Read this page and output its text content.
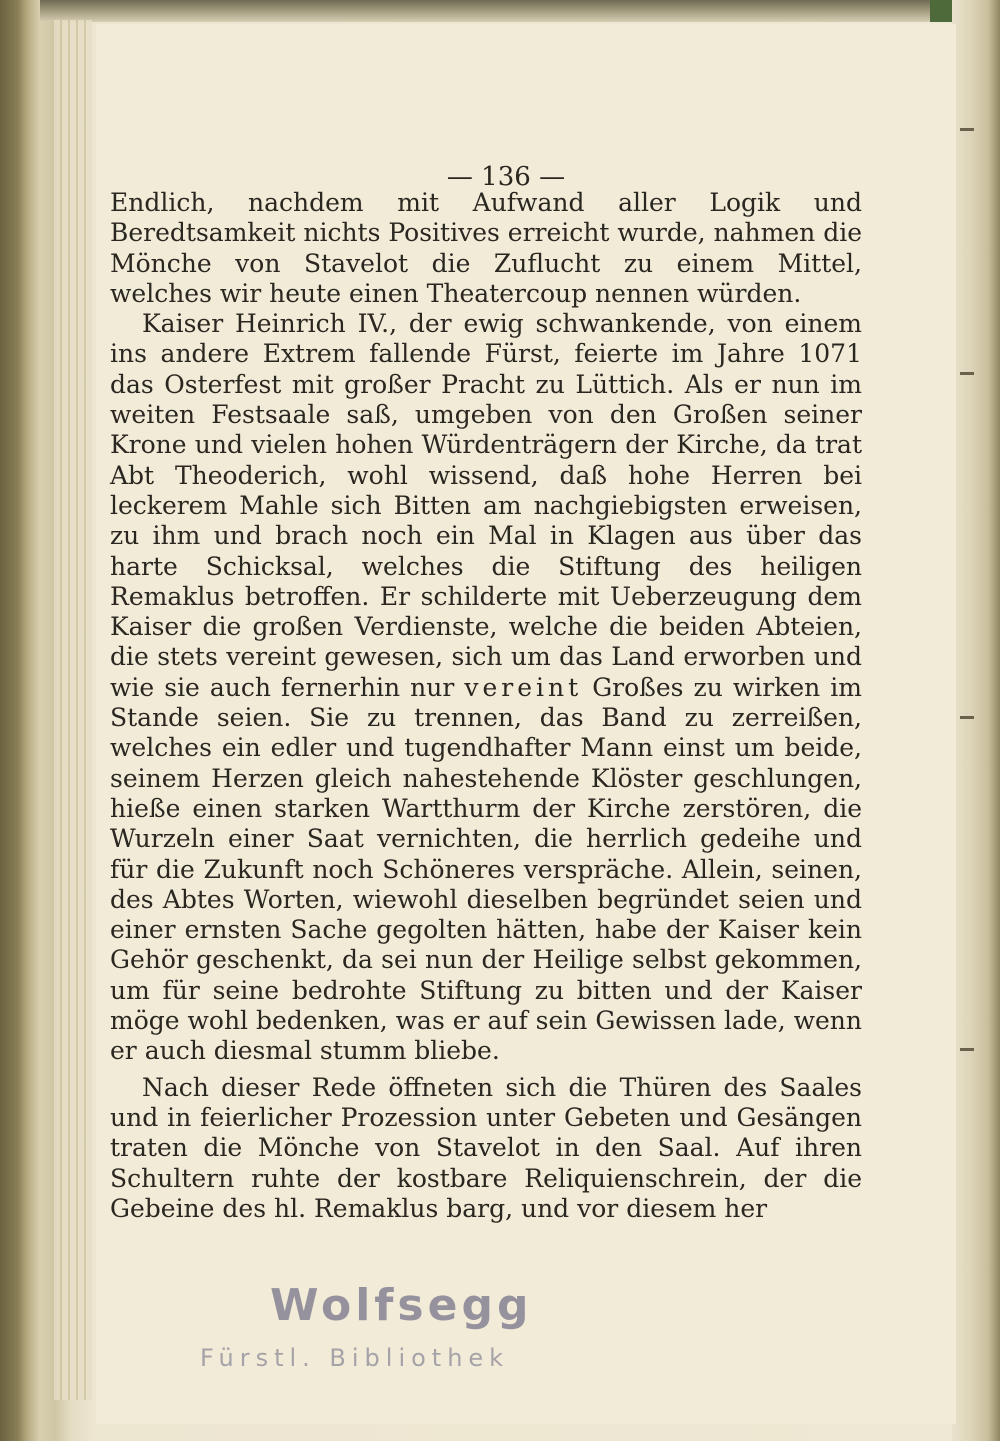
— 136 —

Endlich, nachdem mit Aufwand aller Logik und Beredtsamkeit nichts Positives erreicht wurde, nahmen die Mönche von Stavelot die Zuflucht zu einem Mittel, welches wir heute einen Theatercoup nennen würden.

Kaiser Heinrich IV., der ewig schwankende, von einem ins andere Extrem fallende Fürst, feierte im Jahre 1071 das Osterfest mit großer Pracht zu Lüttich. Als er nun im weiten Festsaale saß, umgeben von den Großen seiner Krone und vielen hohen Würdenträgern der Kirche, da trat Abt Theoderich, wohl wissend, daß hohe Herren bei leckerem Mahle sich Bitten am nachgiebigsten erweisen, zu ihm und brach noch ein Mal in Klagen aus über das harte Schicksal, welches die Stiftung des heiligen Remaklus betroffen. Er schilderte mit Ueberzeugung dem Kaiser die großen Verdienste, welche die beiden Abteien, die stets vereint gewesen, sich um das Land erworben und wie sie auch fernerhin nur vereint Großes zu wirken im Stande seien. Sie zu trennen, das Band zu zerreißen, welches ein edler und tugendhafter Mann einst um beide, seinem Herzen gleich nahestehende Klöster geschlungen, hieße einen starken Wartthurm der Kirche zerstören, die Wurzeln einer Saat vernichten, die herrlich gedeihe und für die Zukunft noch Schöneres verspräche. Allein, seinen, des Abtes Worten, wiewohl dieselben begründet seien und einer ernsten Sache gegolten hätten, habe der Kaiser kein Gehör geschenkt, da sei nun der Heilige selbst gekommen, um für seine bedrohte Stiftung zu bitten und der Kaiser möge wohl bedenken, was er auf sein Gewissen lade, wenn er auch diesmal stumm bliebe.

Nach dieser Rede öffneten sich die Thüren des Saales und in feierlicher Prozession unter Gebeten und Gesängen traten die Mönche von Stavelot in den Saal. Auf ihren Schultern ruhte der kostbare Reliquienschrein, der die Gebeine des hl. Remaklus barg, und vor diesem her

Wolfsegg
Fürstl. Bibliothek
